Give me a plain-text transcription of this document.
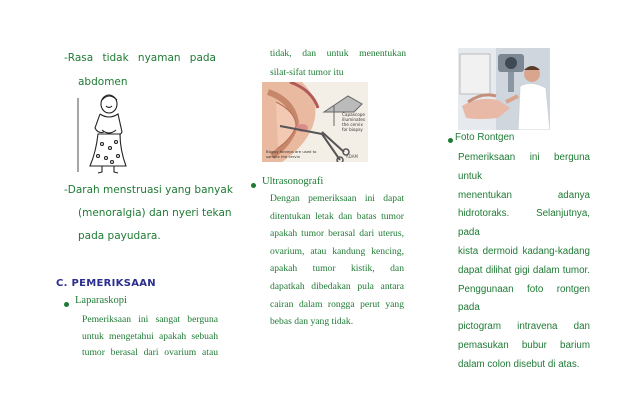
-Rasa tidak nyaman pada
abdomen
-Darah menstruasi yang banyak
(menoralgia) dan nyeri tekan
pada payudara.
C. PEMERIKSAAN
Laparaskopi
Pemeriksaan ini sangat berguna
untuk mengetahui apakah sebuah
tumor berasal dari ovarium atau
tidak, dan untuk menentukan
silat-sifat tumor itu
Capascope
illuminates
the cervix
for biopsy
Biopsy forceps are used to sample the cervix	ADAM
Ultrasonografi
Dengan pemeriksaan ini dapat
ditentukan letak dan batas tumor
apakah tumor berasal dari uterus,
ovarium, atau kandung kencing,
apakah tumor kistik, dan
dapatkah dibedakan pula antara
cairan dalam rongga perut yang
bebas dan yang tidak.
Foto Rontgen
Pemeriksaan ini berguna untuk
menentukan adanya
hidrotoraks. Selanjutnya, pada
kista dermoid kadang-kadang
dapat dilihat gigi dalam tumor.
Penggunaan foto rontgen pada
pictogram intravena dan
pemasukan bubur barium
dalam colon disebut di atas.
